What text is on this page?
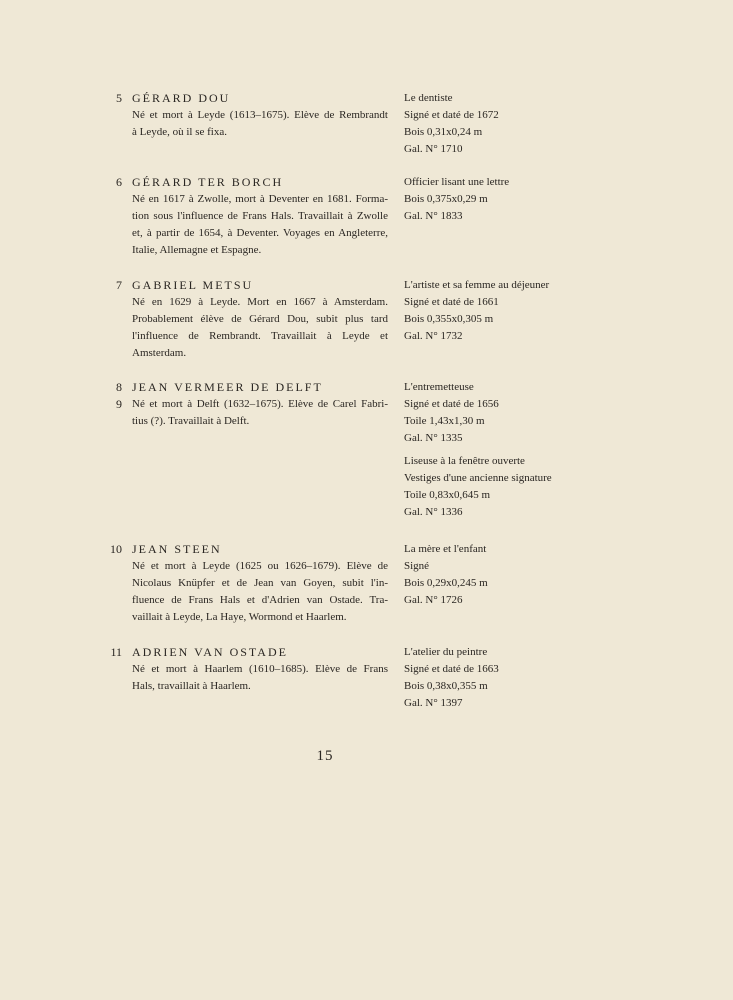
5 GÉRARD DOU
Né et mort à Leyde (1613–1675). Elève de Rembrandt
à Leyde, où il se fixa.
Le dentiste
Signé et daté de 1672
Bois 0,31x0,24 m
Gal. N° 1710
6 GÉRARD TER BORCH
Né en 1617 à Zwolle, mort à Deventer en 1681. Forma-
tion sous l'influence de Frans Hals. Travaillait à Zwolle
et, à partir de 1654, à Deventer. Voyages en Angleterre,
Italie, Allemagne et Espagne.
Officier lisant une lettre
Bois 0,375x0,29 m
Gal. N° 1833
7 GABRIEL METSU
Né en 1629 à Leyde. Mort en 1667 à Amsterdam.
Probablement élève de Gérard Dou, subit plus tard
l'influence de Rembrandt. Travaillait à Leyde et
Amsterdam.
L'artiste et sa femme au déjeuner
Signé et daté de 1661
Bois 0,355x0,305 m
Gal. N° 1732
8
9
JEAN VERMEER DE DELFT
Né et mort à Delft (1632–1675). Elève de Carel Fabri-
tius (?). Travaillait à Delft.
L'entremetteuse
Signé et daté de 1656
Toile 1,43x1,30 m
Gal. N° 1335
Liseuse à la fenêtre ouverte
Vestiges d'une ancienne signature
Toile 0,83x0,645 m
Gal. N° 1336
10 JEAN STEEN
Né et mort à Leyde (1625 ou 1626–1679). Elève de
Nicolaus Knüpfer et de Jean van Goyen, subit l'in-
fluence de Frans Hals et d'Adrien van Ostade. Tra-
vaillait à Leyde, La Haye, Wormond et Haarlem.
La mère et l'enfant
Signé
Bois 0,29x0,245 m
Gal. N° 1726
11 ADRIEN VAN OSTADE
Né et mort à Haarlem (1610–1685). Elève de Frans
Hals, travaillait à Haarlem.
L'atelier du peintre
Signé et daté de 1663
Bois 0,38x0,355 m
Gal. N° 1397
15
